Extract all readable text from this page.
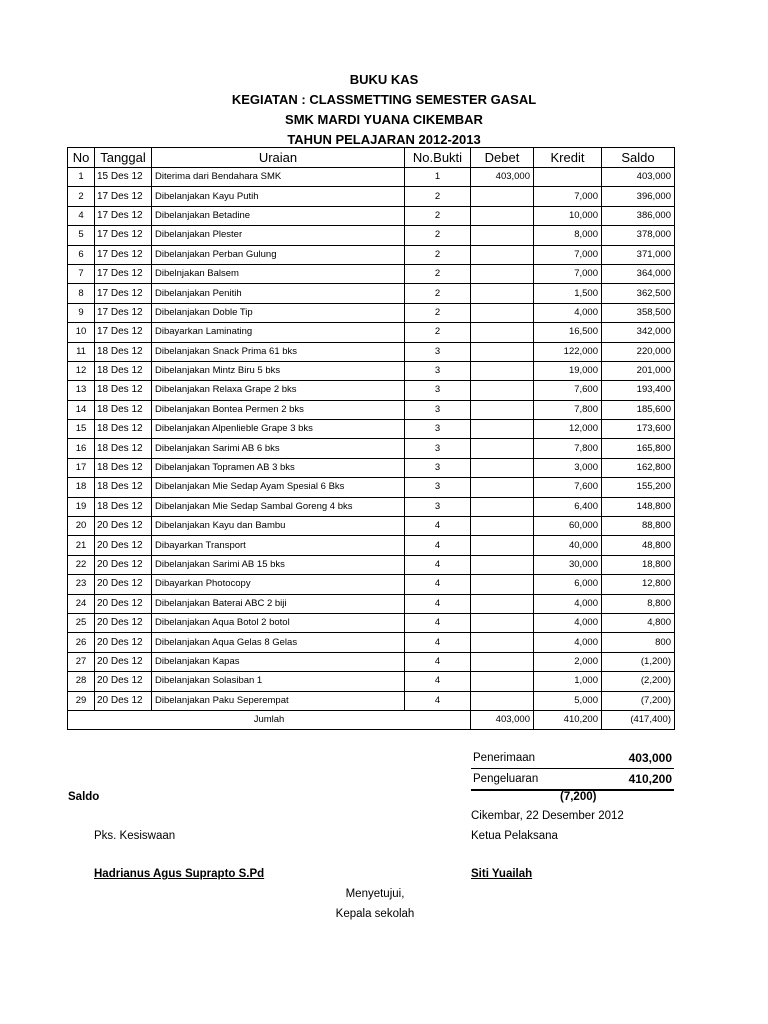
BUKU KAS
KEGIATAN : CLASSMETTING SEMESTER GASAL
SMK MARDI YUANA CIKEMBAR
TAHUN PELAJARAN 2012-2013
No	Tanggal	Uraian	No.Bukti	Debet	Kredit	Saldo
1	15 Des 12	Diterima dari Bendahara SMK	1	403,000		403,000
2	17 Des 12	Dibelanjakan Kayu Putih	2		7,000	396,000
4	17 Des 12	Dibelanjakan Betadine	2		10,000	386,000
5	17 Des 12	Dibelanjakan Plester	2		8,000	378,000
6	17 Des 12	Dibelanjakan Perban Gulung	2		7,000	371,000
7	17 Des 12	Dibelnjakan Balsem	2		7,000	364,000
8	17 Des 12	Dibelanjakan Penitih	2		1,500	362,500
9	17 Des 12	Dibelanjakan Doble Tip	2		4,000	358,500
10	17 Des 12	Dibayarkan Laminating	2		16,500	342,000
11	18 Des 12	Dibelanjakan Snack Prima 61 bks	3		122,000	220,000
12	18 Des 12	Dibelanjakan Mintz Biru 5 bks	3		19,000	201,000
13	18 Des 12	Dibelanjakan Relaxa Grape 2 bks	3		7,600	193,400
14	18 Des 12	Dibelanjakan Bontea Permen 2 bks	3		7,800	185,600
15	18 Des 12	Dibelanjakan Alpenlieble Grape 3 bks	3		12,000	173,600
16	18 Des 12	Dibelanjakan Sarimi AB 6 bks	3		7,800	165,800
17	18 Des 12	Dibelanjakan Topramen AB 3 bks	3		3,000	162,800
18	18 Des 12	Dibelanjakan Mie Sedap Ayam Spesial 6 Bks	3		7,600	155,200
19	18 Des 12	Dibelanjakan Mie Sedap Sambal Goreng 4 bks	3		6,400	148,800
20	20 Des 12	Dibelanjakan Kayu dan Bambu	4		60,000	88,800
21	20 Des 12	Dibayarkan Transport	4		40,000	48,800
22	20 Des 12	Dibelanjakan Sarimi AB 15 bks	4		30,000	18,800
23	20 Des 12	Dibayarkan Photocopy	4		6,000	12,800
24	20 Des 12	Dibelanjakan Baterai ABC 2 biji	4		4,000	8,800
25	20 Des 12	Dibelanjakan Aqua Botol 2 botol	4		4,000	4,800
26	20 Des 12	Dibelanjakan Aqua Gelas 8 Gelas	4		4,000	800
27	20 Des 12	Dibelanjakan Kapas	4		2,000	(1,200)
28	20 Des 12	Dibelanjakan Solasiban 1	4		1,000	(2,200)
29	20 Des 12	Dibelanjakan Paku Seperempat	4		5,000	(7,200)
Jumlah				403,000	410,200	(417,400)
Penerimaan	403,000
Pengeluaran	410,200
Saldo	(7,200)
Cikembar, 22 Desember 2012
Pks. Kesiswaan	Ketua Pelaksana
Hadrianus Agus Suprapto S.Pd	Siti Yuailah
Menyetujui,
Kepala sekolah
